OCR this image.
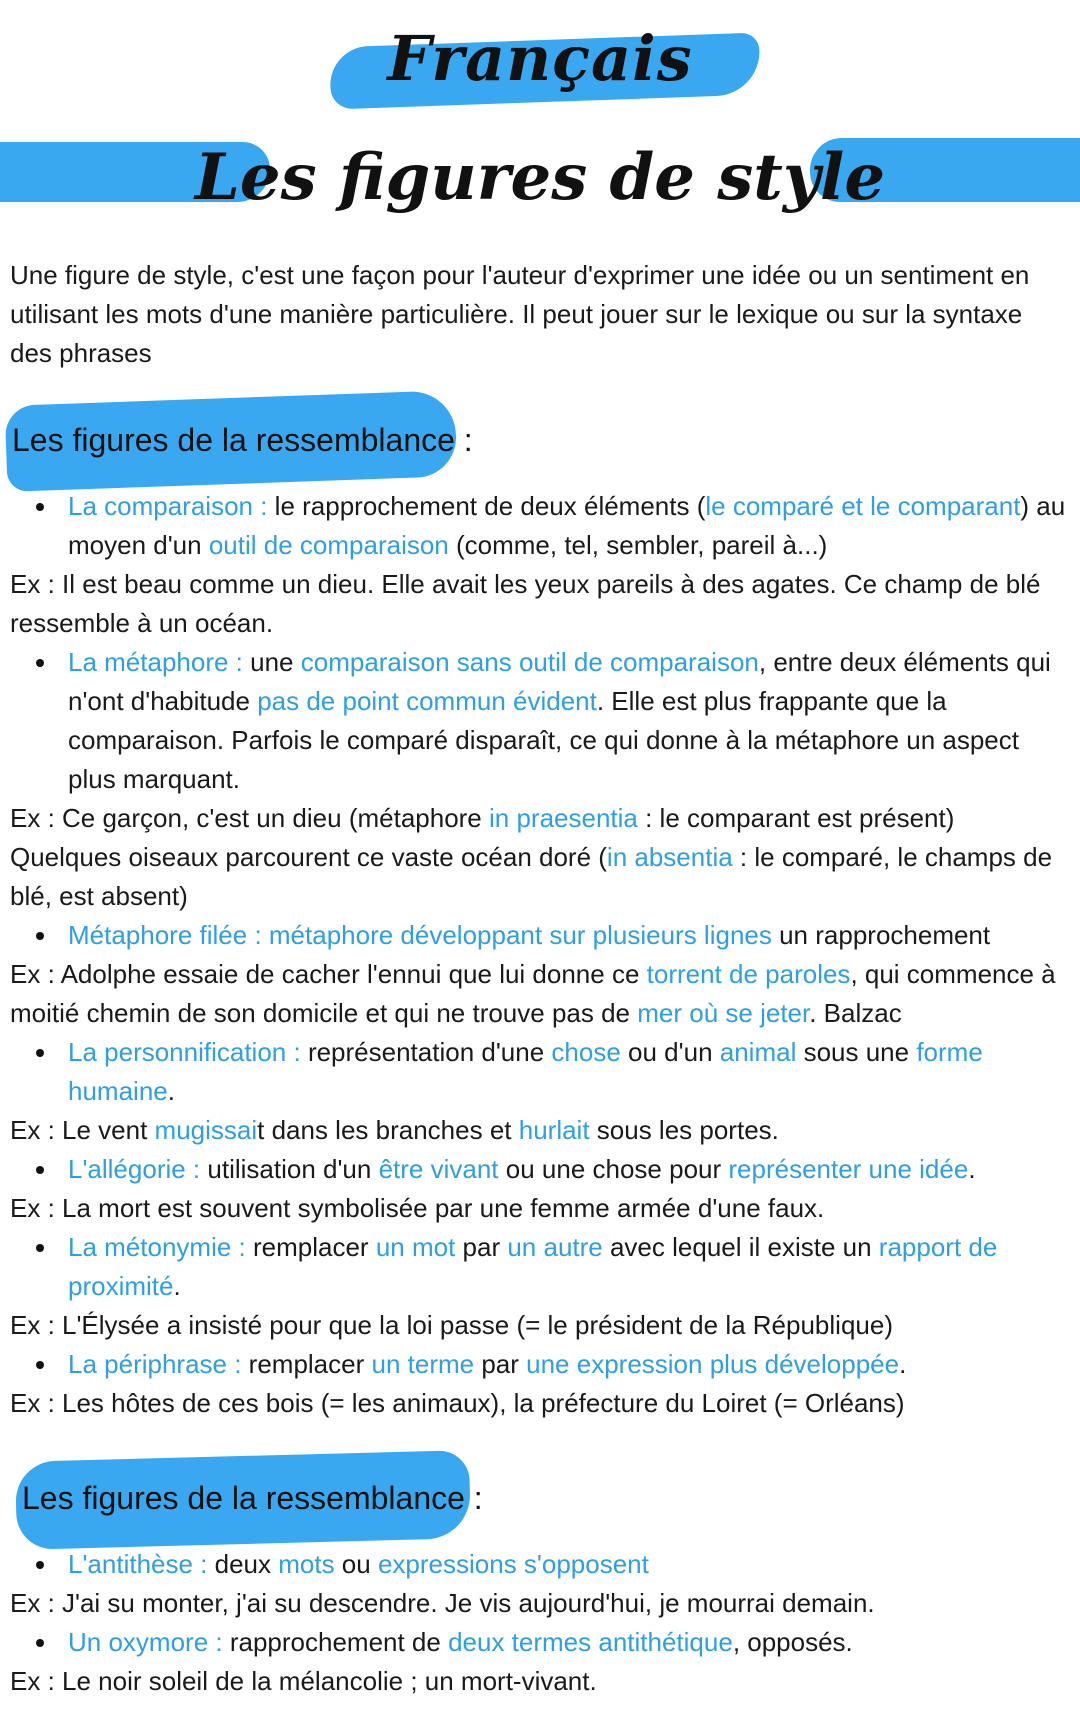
Français
Les figures de style
Une figure de style, c'est une façon pour l'auteur d'exprimer une idée ou un sentiment en utilisant les mots d'une manière particulière. Il peut jouer sur le lexique ou sur la syntaxe des phrases
Les figures de la ressemblance :

La comparaison : le rapprochement de deux éléments (le comparé et le comparant) au moyen d'un outil de comparaison (comme, tel, sembler, pareil à...)

Ex : Il est beau comme un dieu. Elle avait les yeux pareils à des agates. Ce champ de blé ressemble à un océan.

La métaphore : une comparaison sans outil de comparaison, entre deux éléments qui n'ont d'habitude pas de point commun évident. Elle est plus frappante que la comparaison. Parfois le comparé disparaît, ce qui donne à la métaphore un aspect plus marquant.

Ex : Ce garçon, c'est un dieu (métaphore in praesentia : le comparant est présent)

Quelques oiseaux parcourent ce vaste océan doré (in absentia : le comparé, le champs de blé, est absent)

Métaphore filée : métaphore développant sur plusieurs lignes un rapprochement

Ex : Adolphe essaie de cacher l'ennui que lui donne ce torrent de paroles, qui commence à moitié chemin de son domicile et qui ne trouve pas de mer où se jeter. Balzac

La personnification : représentation d'une chose ou d'un animal sous une forme humaine.

Ex : Le vent mugissait dans les branches et hurlait sous les portes.

L'allégorie : utilisation d'un être vivant ou une chose pour représenter une idée.

Ex : La mort est souvent symbolisée par une femme armée d'une faux.

La métonymie : remplacer un mot par un autre avec lequel il existe un rapport de proximité.

Ex : L'Élysée a insisté pour que la loi passe (= le président de la République)

La périphrase : remplacer un terme par une expression plus développée.

Ex : Les hôtes de ces bois (= les animaux), la préfecture du Loiret (= Orléans)

Les figures de la ressemblance :

L'antithèse : deux mots ou expressions s'opposent

Ex : J'ai su monter, j'ai su descendre. Je vis aujourd'hui, je mourrai demain.

Un oxymore : rapprochement de deux termes antithétique, opposés.

Ex : Le noir soleil de la mélancolie ; un mort-vivant.
